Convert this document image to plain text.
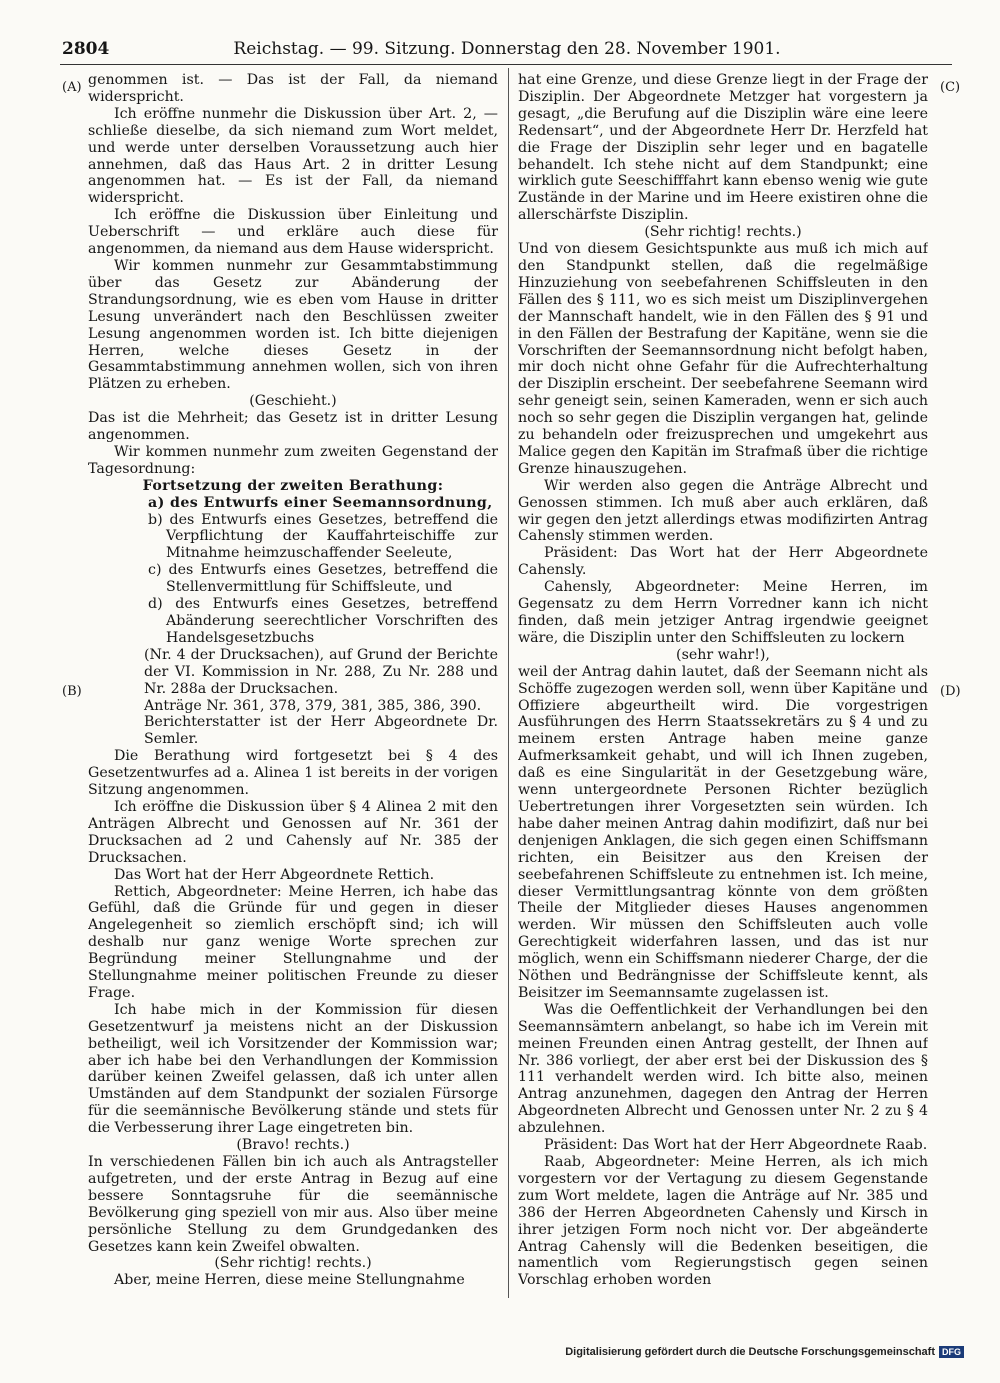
2804	Reichstag. — 99. Sitzung. Donnerstag den 28. November 1901.
(A)
(B)
(C)
(D)

genommen ist. — Das ist der Fall, da niemand widerspricht.

Ich eröffne nunmehr die Diskussion über Art. 2, — schließe dieselbe, da sich niemand zum Wort meldet, und werde unter derselben Voraussetzung auch hier annehmen, daß das Haus Art. 2 in dritter Lesung angenommen hat. — Es ist der Fall, da niemand widerspricht.

Ich eröffne die Diskussion über Einleitung und Ueberschrift — und erkläre auch diese für angenommen, da niemand aus dem Hause widerspricht.

Wir kommen nunmehr zur Gesammtabstimmung über das Gesetz zur Abänderung der Strandungsordnung, wie es eben vom Hause in dritter Lesung unverändert nach den Beschlüssen zweiter Lesung angenommen worden ist. Ich bitte diejenigen Herren, welche dieses Gesetz in der Gesammtabstimmung annehmen wollen, sich von ihren Plätzen zu erheben.

(Geschieht.)

Das ist die Mehrheit; das Gesetz ist in dritter Lesung angenommen.

Wir kommen nunmehr zum zweiten Gegenstand der Tagesordnung:

Fortsetzung der zweiten Berathung:

a) des Entwurfs einer Seemannsordnung,

b) des Entwurfs eines Gesetzes, betreffend die Verpflichtung der Kauffahrteischiffe zur Mitnahme heimzuschaffender Seeleute,

c) des Entwurfs eines Gesetzes, betreffend die Stellenvermittlung für Schiffsleute, und

d) des Entwurfs eines Gesetzes, betreffend Abänderung seerechtlicher Vorschriften des Handelsgesetzbuchs

(Nr. 4 der Drucksachen), auf Grund der Berichte der VI. Kommission in Nr. 288, Zu Nr. 288 und Nr. 288a der Drucksachen.

Anträge Nr. 361, 378, 379, 381, 385, 386, 390.

Berichterstatter ist der Herr Abgeordnete Dr. Semler.

Die Berathung wird fortgesetzt bei § 4 des Gesetzentwurfes ad a. Alinea 1 ist bereits in der vorigen Sitzung angenommen.

Ich eröffne die Diskussion über § 4 Alinea 2 mit den Anträgen Albrecht und Genossen auf Nr. 361 der Drucksachen ad 2 und Cahensly auf Nr. 385 der Drucksachen.

Das Wort hat der Herr Abgeordnete Rettich.

Rettich, Abgeordneter: Meine Herren, ich habe das Gefühl, daß die Gründe für und gegen in dieser Angelegenheit so ziemlich erschöpft sind; ich will deshalb nur ganz wenige Worte sprechen zur Begründung meiner Stellungnahme und der Stellungnahme meiner politischen Freunde zu dieser Frage.

Ich habe mich in der Kommission für diesen Gesetzentwurf ja meistens nicht an der Diskussion betheiligt, weil ich Vorsitzender der Kommission war; aber ich habe bei den Verhandlungen der Kommission darüber keinen Zweifel gelassen, daß ich unter allen Umständen auf dem Standpunkt der sozialen Fürsorge für die seemännische Bevölkerung stände und stets für die Verbesserung ihrer Lage eingetreten bin.

(Bravo! rechts.)

In verschiedenen Fällen bin ich auch als Antragsteller aufgetreten, und der erste Antrag in Bezug auf eine bessere Sonntagsruhe für die seemännische Bevölkerung ging speziell von mir aus. Also über meine persönliche Stellung zu dem Grundgedanken des Gesetzes kann kein Zweifel obwalten.

(Sehr richtig! rechts.)

Aber, meine Herren, diese meine Stellungnahme

hat eine Grenze, und diese Grenze liegt in der Frage der Disziplin. Der Abgeordnete Metzger hat vorgestern ja gesagt, „die Berufung auf die Disziplin wäre eine leere Redensart“, und der Abgeordnete Herr Dr. Herzfeld hat die Frage der Disziplin sehr leger und en bagatelle behandelt. Ich stehe nicht auf dem Standpunkt; eine wirklich gute Seeschifffahrt kann ebenso wenig wie gute Zustände in der Marine und im Heere existiren ohne die allerschärfste Disziplin.

(Sehr richtig! rechts.)

Und von diesem Gesichtspunkte aus muß ich mich auf den Standpunkt stellen, daß die regelmäßige Hinzuziehung von seebefahrenen Schiffsleuten in den Fällen des § 111, wo es sich meist um Disziplinvergehen der Mannschaft handelt, wie in den Fällen des § 91 und in den Fällen der Bestrafung der Kapitäne, wenn sie die Vorschriften der Seemannsordnung nicht befolgt haben, mir doch nicht ohne Gefahr für die Aufrechterhaltung der Disziplin erscheint. Der seebefahrene Seemann wird sehr geneigt sein, seinen Kameraden, wenn er sich auch noch so sehr gegen die Disziplin vergangen hat, gelinde zu behandeln oder freizusprechen und umgekehrt aus Malice gegen den Kapitän im Strafmaß über die richtige Grenze hinauszugehen.

Wir werden also gegen die Anträge Albrecht und Genossen stimmen. Ich muß aber auch erklären, daß wir gegen den jetzt allerdings etwas modifizirten Antrag Cahensly stimmen werden.

Präsident: Das Wort hat der Herr Abgeordnete Cahensly.

Cahensly, Abgeordneter: Meine Herren, im Gegensatz zu dem Herrn Vorredner kann ich nicht finden, daß mein jetziger Antrag irgendwie geeignet wäre, die Disziplin unter den Schiffsleuten zu lockern

(sehr wahr!),

weil der Antrag dahin lautet, daß der Seemann nicht als Schöffe zugezogen werden soll, wenn über Kapitäne und Offiziere abgeurtheilt wird. Die vorgestrigen Ausführungen des Herrn Staatssekretärs zu § 4 und zu meinem ersten Antrage haben meine ganze Aufmerksamkeit gehabt, und will ich Ihnen zugeben, daß es eine Singularität in der Gesetzgebung wäre, wenn untergeordnete Personen Richter bezüglich Uebertretungen ihrer Vorgesetzten sein würden. Ich habe daher meinen Antrag dahin modifizirt, daß nur bei denjenigen Anklagen, die sich gegen einen Schiffsmann richten, ein Beisitzer aus den Kreisen der seebefahrenen Schiffsleute zu entnehmen ist. Ich meine, dieser Vermittlungsantrag könnte von dem größten Theile der Mitglieder dieses Hauses angenommen werden. Wir müssen den Schiffsleuten auch volle Gerechtigkeit widerfahren lassen, und das ist nur möglich, wenn ein Schiffsmann niederer Charge, der die Nöthen und Bedrängnisse der Schiffsleute kennt, als Beisitzer im Seemannsamte zugelassen ist.

Was die Oeffentlichkeit der Verhandlungen bei den Seemannsämtern anbelangt, so habe ich im Verein mit meinen Freunden einen Antrag gestellt, der Ihnen auf Nr. 386 vorliegt, der aber erst bei der Diskussion des § 111 verhandelt werden wird. Ich bitte also, meinen Antrag anzunehmen, dagegen den Antrag der Herren Abgeordneten Albrecht und Genossen unter Nr. 2 zu § 4 abzulehnen.

Präsident: Das Wort hat der Herr Abgeordnete Raab.

Raab, Abgeordneter: Meine Herren, als ich mich vorgestern vor der Vertagung zu diesem Gegenstande zum Wort meldete, lagen die Anträge auf Nr. 385 und 386 der Herren Abgeordneten Cahensly und Kirsch in ihrer jetzigen Form noch nicht vor. Der abgeänderte Antrag Cahensly will die Bedenken beseitigen, die namentlich vom Regierungstisch gegen seinen Vorschlag erhoben worden

Digitalisierung gefördert durch die Deutsche Forschungsgemeinschaft DFG
